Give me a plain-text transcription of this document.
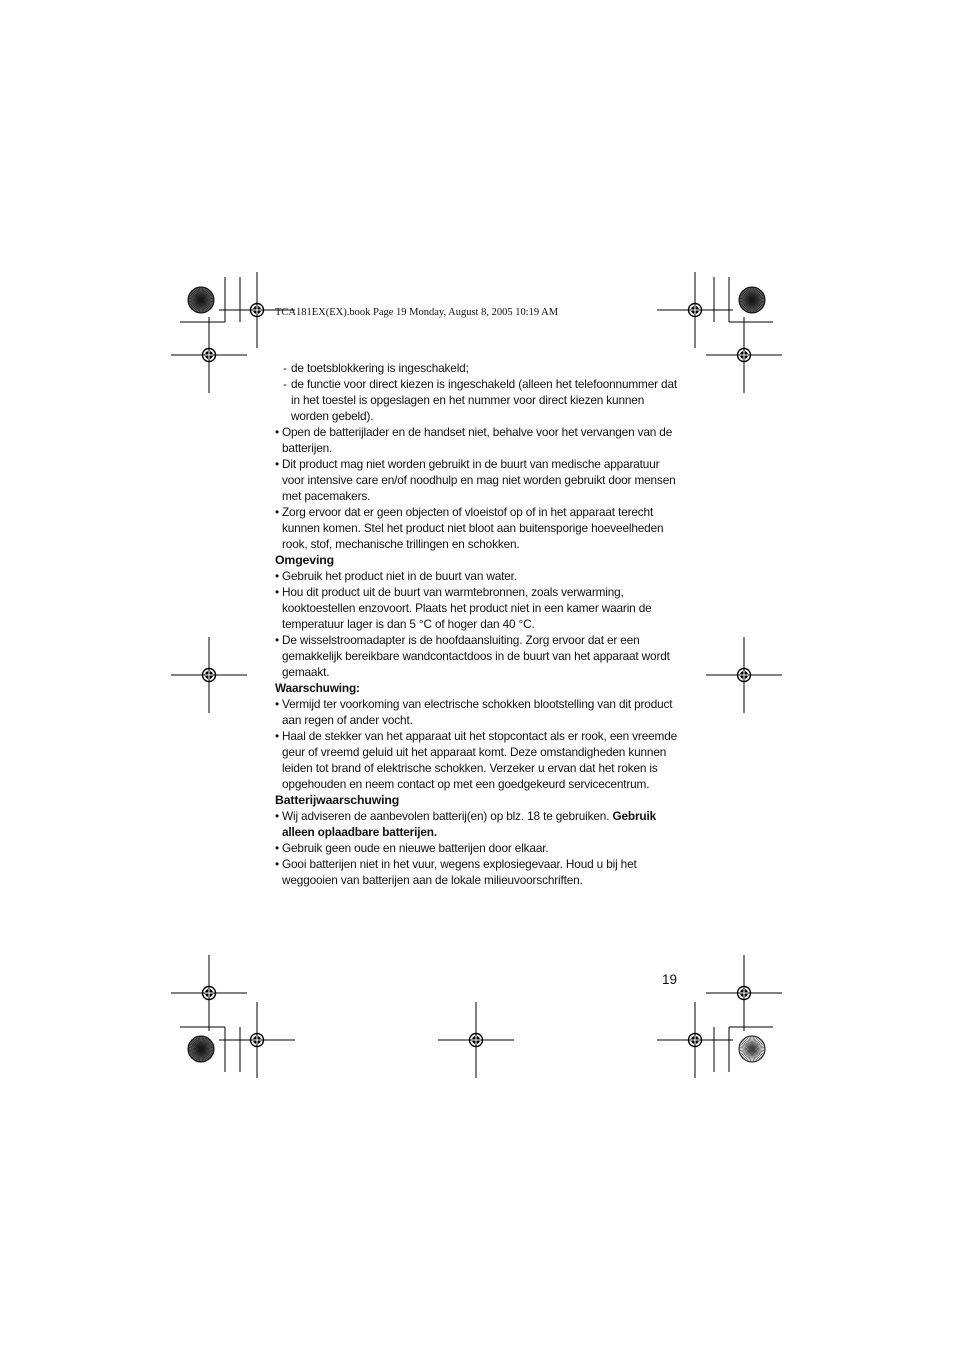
TCA181EX(EX).book Page 19 Monday, August 8, 2005 10:19 AM

- de toetsblokkering is ingeschakeld;

- de functie voor direct kiezen is ingeschakeld (alleen het telefoonnummer dat in het toestel is opgeslagen en het nummer voor direct kiezen kunnen worden gebeld).

• Open de batterijlader en de handset niet, behalve voor het vervangen van de batterijen.

• Dit product mag niet worden gebruikt in de buurt van medische apparatuur voor intensive care en/of noodhulp en mag niet worden gebruikt door mensen met pacemakers.

• Zorg ervoor dat er geen objecten of vloeistof op of in het apparaat terecht kunnen komen. Stel het product niet bloot aan buitensporige hoeveelheden rook, stof, mechanische trillingen en schokken.

Omgeving

• Gebruik het product niet in de buurt van water.

• Hou dit product uit de buurt van warmtebronnen, zoals verwarming, kooktoestellen enzovoort. Plaats het product niet in een kamer waarin de temperatuur lager is dan 5 °C of hoger dan 40 °C.

• De wisselstroomadapter is de hoofdaansluiting. Zorg ervoor dat er een gemakkelijk bereikbare wandcontactdoos in de buurt van het apparaat wordt gemaakt.

Waarschuwing:

• Vermijd ter voorkoming van electrische schokken blootstelling van dit product aan regen of ander vocht.

• Haal de stekker van het apparaat uit het stopcontact als er rook, een vreemde geur of vreemd geluid uit het apparaat komt. Deze omstandigheden kunnen leiden tot brand of elektrische schokken. Verzeker u ervan dat het roken is opgehouden en neem contact op met een goedgekeurd servicecentrum.

Batterijwaarschuwing

• Wij adviseren de aanbevolen batterij(en) op blz. 18 te gebruiken. Gebruik alleen oplaadbare batterijen.

• Gebruik geen oude en nieuwe batterijen door elkaar.

• Gooi batterijen niet in het vuur, wegens explosiegevaar. Houd u bij het weggooien van batterijen aan de lokale milieuvoorschriften.

19
